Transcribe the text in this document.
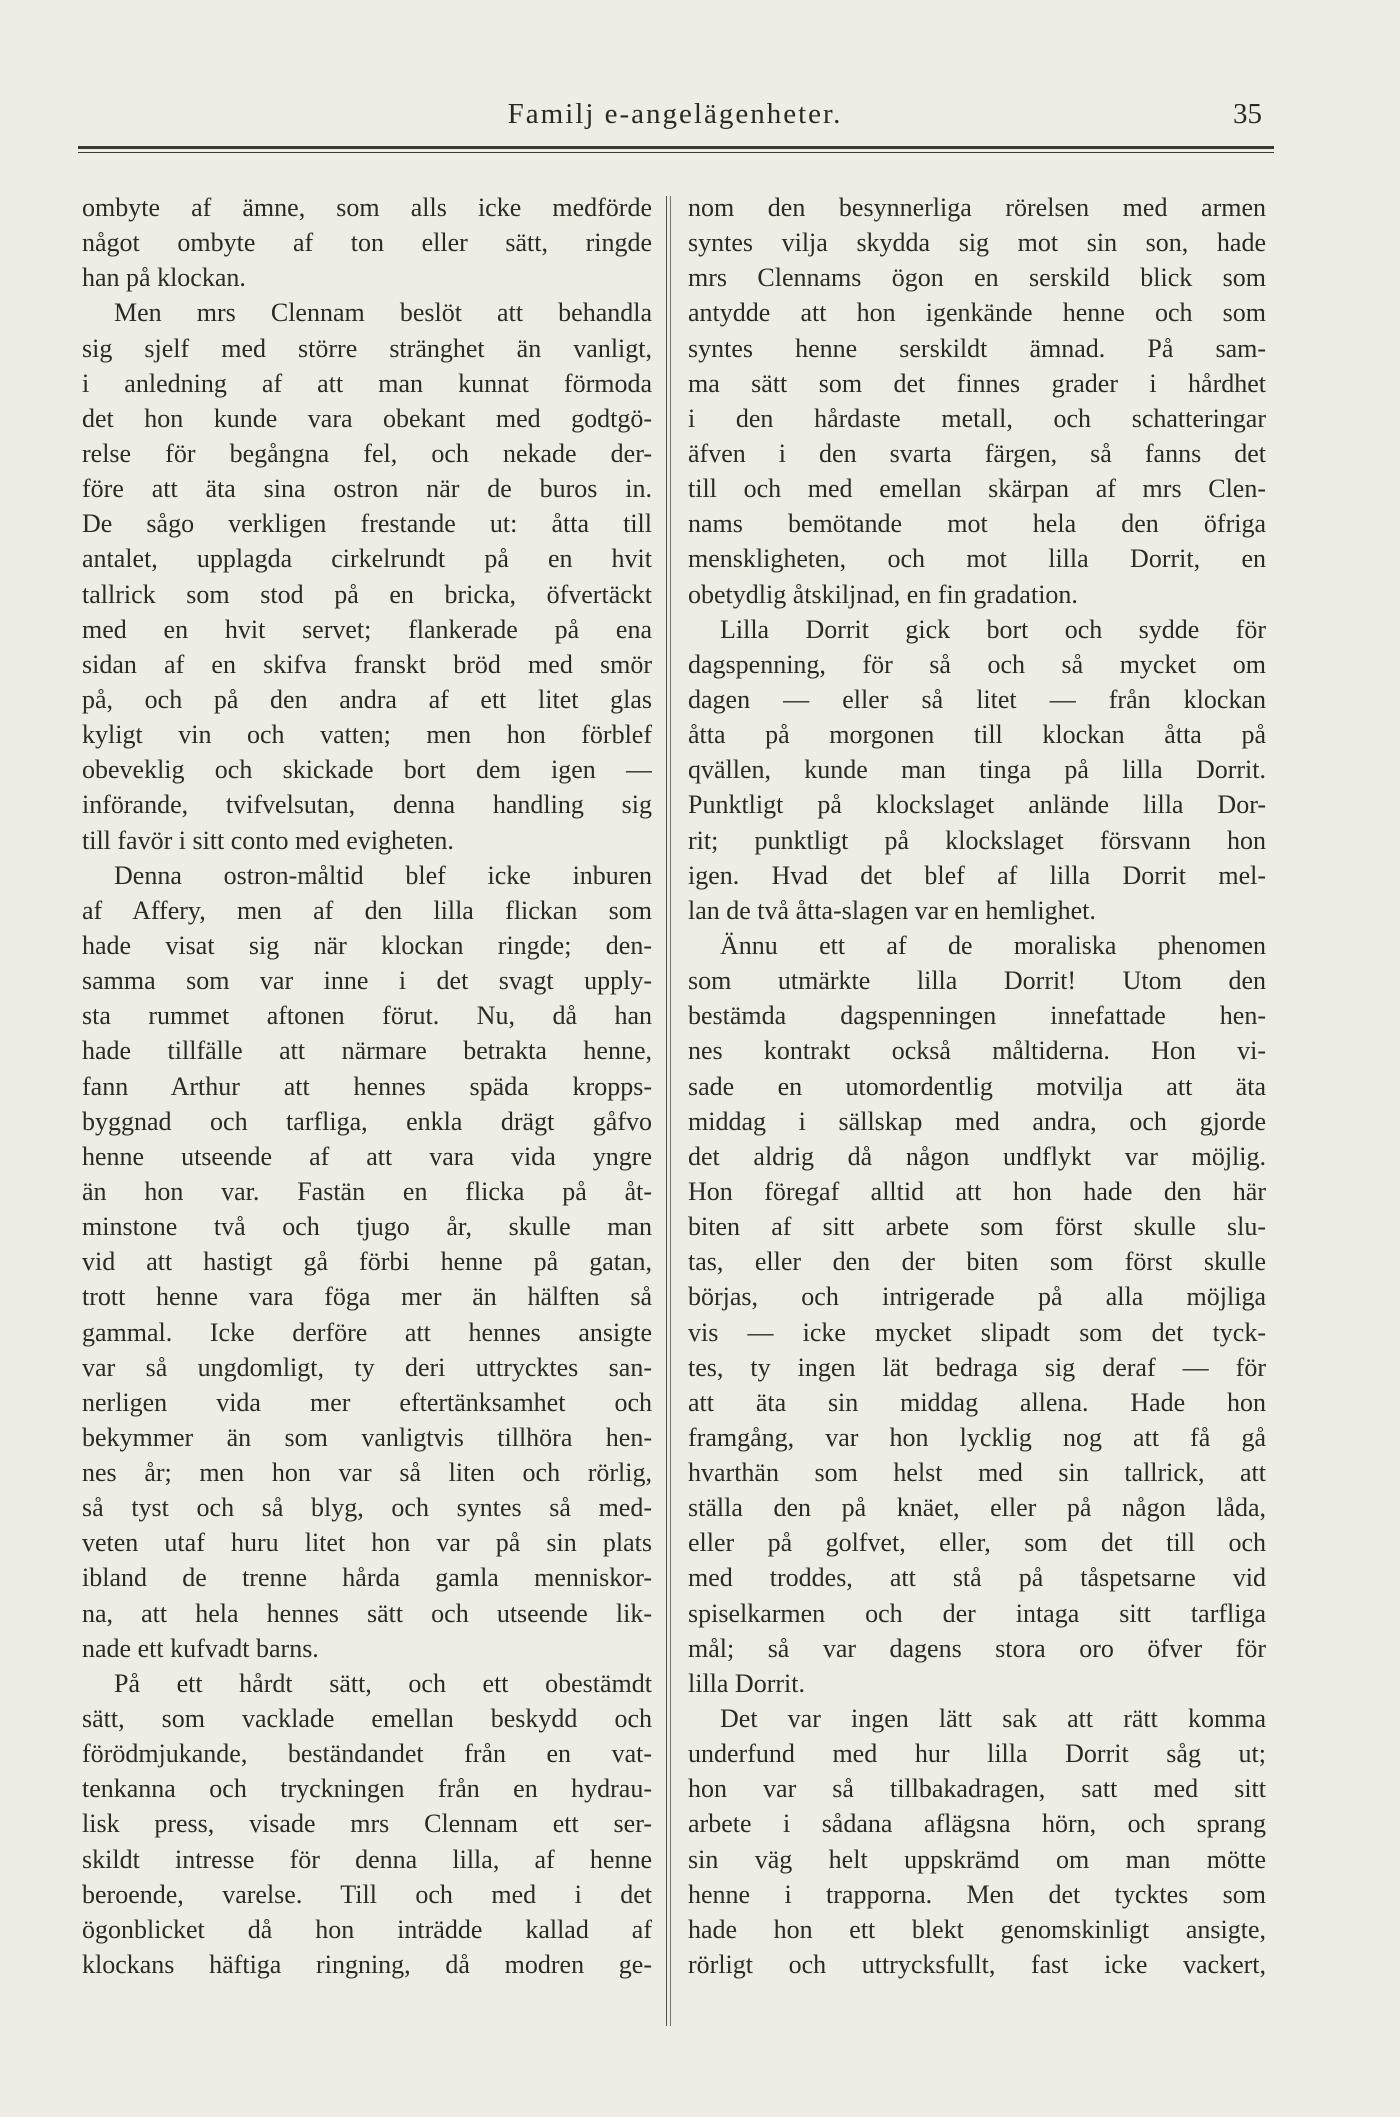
Familj e-angelägenheter.	35
ombyte af ämne, som alls icke medförde
något ombyte af ton eller sätt, ringde
han på klockan.
Men mrs Clennam beslöt att behandla
sig sjelf med större stränghet än vanligt,
i anledning af att man kunnat förmoda
det hon kunde vara obekant med godtgö-
relse för begångna fel, och nekade der-
före att äta sina ostron när de buros in.
De sågo verkligen frestande ut: åtta till
antalet, upplagda cirkelrundt på en hvit
tallrick som stod på en bricka, öfvertäckt
med en hvit servet; flankerade på ena
sidan af en skifva franskt bröd med smör
på, och på den andra af ett litet glas
kyligt vin och vatten; men hon förblef
obeveklig och skickade bort dem igen —
införande, tvifvelsutan, denna handling sig
till favör i sitt conto med evigheten.
Denna ostron-måltid blef icke inburen
af Affery, men af den lilla flickan som
hade visat sig när klockan ringde; den-
samma som var inne i det svagt upply-
sta rummet aftonen förut. Nu, då han
hade tillfälle att närmare betrakta henne,
fann Arthur att hennes späda kropps-
byggnad och tarfliga, enkla drägt gåfvo
henne utseende af att vara vida yngre
än hon var. Fastän en flicka på åt-
minstone två och tjugo år, skulle man
vid att hastigt gå förbi henne på gatan,
trott henne vara föga mer än hälften så
gammal. Icke derföre att hennes ansigte
var så ungdomligt, ty deri uttrycktes san-
nerligen vida mer eftertänksamhet och
bekymmer än som vanligtvis tillhöra hen-
nes år; men hon var så liten och rörlig,
så tyst och så blyg, och syntes så med-
veten utaf huru litet hon var på sin plats
ibland de trenne hårda gamla menniskor-
na, att hela hennes sätt och utseende lik-
nade ett kufvadt barns.
På ett hårdt sätt, och ett obestämdt
sätt, som vacklade emellan beskydd och
förödmjukande, beständandet från en vat-
tenkanna och tryckningen från en hydrau-
lisk press, visade mrs Clennam ett ser-
skildt intresse för denna lilla, af henne
beroende, varelse. Till och med i det
ögonblicket då hon inträdde kallad af
klockans häftiga ringning, då modren ge-
nom den besynnerliga rörelsen med armen
syntes vilja skydda sig mot sin son, hade
mrs Clennams ögon en serskild blick som
antydde att hon igenkände henne och som
syntes henne serskildt ämnad. På sam-
ma sätt som det finnes grader i hårdhet
i den hårdaste metall, och schatteringar
äfven i den svarta färgen, så fanns det
till och med emellan skärpan af mrs Clen-
nams bemötande mot hela den öfriga
menskligheten, och mot lilla Dorrit, en
obetydlig åtskiljnad, en fin gradation.
Lilla Dorrit gick bort och sydde för
dagspenning, för så och så mycket om
dagen — eller så litet — från klockan
åtta på morgonen till klockan åtta på
qvällen, kunde man tinga på lilla Dorrit.
Punktligt på klockslaget anlände lilla Dor-
rit; punktligt på klockslaget försvann hon
igen. Hvad det blef af lilla Dorrit mel-
lan de två åtta-slagen var en hemlighet.
Ännu ett af de moraliska phenomen
som utmärkte lilla Dorrit! Utom den
bestämda dagspenningen innefattade hen-
nes kontrakt också måltiderna. Hon vi-
sade en utomordentlig motvilja att äta
middag i sällskap med andra, och gjorde
det aldrig då någon undflykt var möjlig.
Hon föregaf alltid att hon hade den här
biten af sitt arbete som först skulle slu-
tas, eller den der biten som först skulle
börjas, och intrigerade på alla möjliga
vis — icke mycket slipadt som det tyck-
tes, ty ingen lät bedraga sig deraf — för
att äta sin middag allena. Hade hon
framgång, var hon lycklig nog att få gå
hvarthän som helst med sin tallrick, att
ställa den på knäet, eller på någon låda,
eller på golfvet, eller, som det till och
med troddes, att stå på tåspetsarne vid
spiselkarmen och der intaga sitt tarfliga
mål; så var dagens stora oro öfver för
lilla Dorrit.
Det var ingen lätt sak att rätt komma
underfund med hur lilla Dorrit såg ut;
hon var så tillbakadragen, satt med sitt
arbete i sådana aflägsna hörn, och sprang
sin väg helt uppskrämd om man mötte
henne i trapporna. Men det tycktes som
hade hon ett blekt genomskinligt ansigte,
rörligt och uttrycksfullt, fast icke vackert,
